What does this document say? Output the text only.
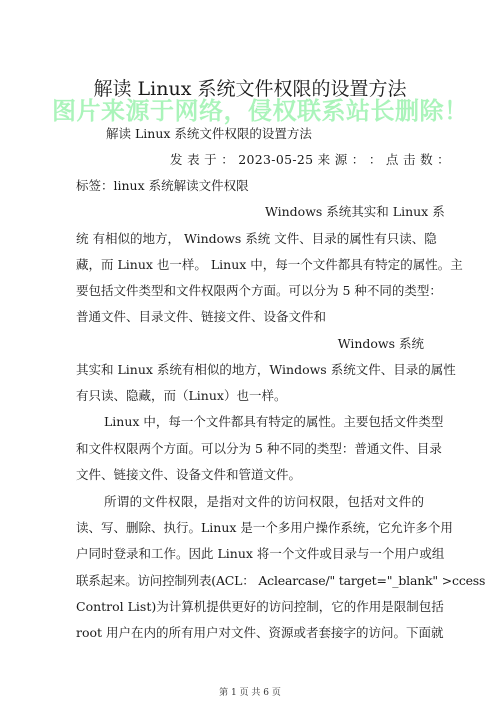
解读 Linux 系统文件权限的设置方法
图片来源于网络，侵权联系站长删除！
解读 Linux 系统文件权限的设置方法
发 表 于 ： 2023-05-25 来 源 ： ： 点 击 数 ：
标签：linux 系统解读文件权限
Windows 系统其实和 Linux 系
统 有相似的地方， Windows 系统 文件、目录的属性有只读、隐
藏，而 Linux 也一样。 Linux 中，每一个文件都具有特定的属性。主
要包括文件类型和文件权限两个方面。可以分为 5 种不同的类型：
普通文件、目录文件、链接文件、设备文件和
Windows 系统
其实和 Linux 系统有相似的地方，Windows 系统文件、目录的属性
有只读、隐藏，而（Linux）也一样。
Linux 中，每一个文件都具有特定的属性。主要包括文件类型
和文件权限两个方面。可以分为 5 种不同的类型：普通文件、目录
文件、链接文件、设备文件和管道文件。
所谓的文件权限，是指对文件的访问权限，包括对文件的
读、写、删除、执行。Linux 是一个多用户操作系统，它允许多个用
户同时登录和工作。因此 Linux 将一个文件或目录与一个用户或组
联系起来。访问控制列表(ACL： Aclearcase/" target="_blank" >ccess
Control List)为计算机提供更好的访问控制，它的作用是限制包括
root 用户在内的所有用户对文件、资源或者套接字的访问。下面就
第 1 页 共 6 页
